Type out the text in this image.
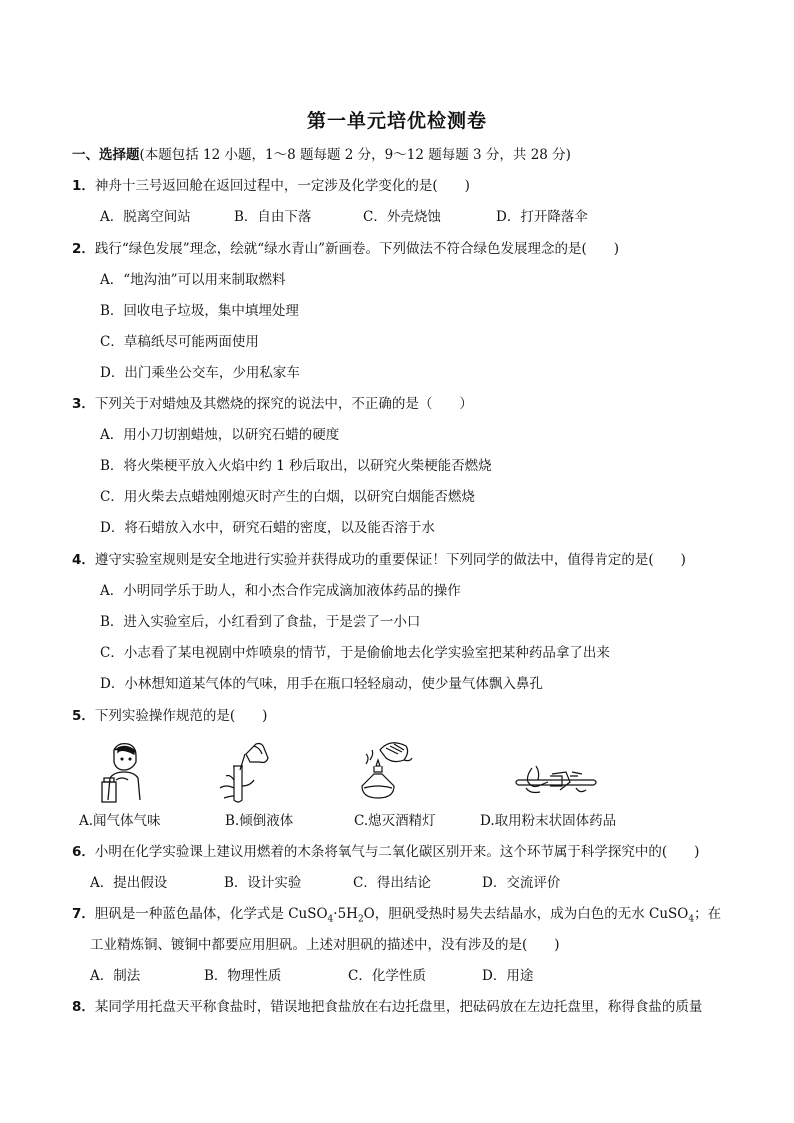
第一单元培优检测卷
一、选择题(本题包括 12 小题，1～8 题每题 2 分，9～12 题每题 3 分，共 28 分)
1．神舟十三号返回舱在返回过程中，一定涉及化学变化的是(　　)
A．脱离空间站	B．自由下落	C．外壳烧蚀	D．打开降落伞
2．践行“绿色发展”理念，绘就“绿水青山”新画卷。下列做法不符合绿色发展理念的是(　　)
A．“地沟油”可以用来制取燃料
B．回收电子垃圾，集中填埋处理
C．草稿纸尽可能两面使用
D．出门乘坐公交车，少用私家车
3．下列关于对蜡烛及其燃烧的探究的说法中，不正确的是（　　）
A．用小刀切割蜡烛，以研究石蜡的硬度
B．将火柴梗平放入火焰中约 1 秒后取出，以研究火柴梗能否燃烧
C．用火柴去点蜡烛刚熄灭时产生的白烟，以研究白烟能否燃烧
D．将石蜡放入水中，研究石蜡的密度，以及能否溶于水
4．遵守实验室规则是安全地进行实验并获得成功的重要保证！下列同学的做法中，值得肯定的是(　　)
A．小明同学乐于助人，和小杰合作完成滴加液体药品的操作
B．进入实验室后，小红看到了食盐，于是尝了一小口
C．小志看了某电视剧中炸喷泉的情节，于是偷偷地去化学实验室把某种药品拿了出来
D．小林想知道某气体的气味，用手在瓶口轻轻扇动，使少量气体飘入鼻孔
5．下列实验操作规范的是(　　)
A.闻气体气味	B.倾倒液体	C.熄灭酒精灯	D.取用粉末状固体药品
6．小明在化学实验课上建议用燃着的木条将氧气与二氧化碳区别开来。这个环节属于科学探究中的(　　)
A．提出假设	B．设计实验	C．得出结论	D．交流评价
7．胆矾是一种蓝色晶体，化学式是 $CuSO_4\cdot 5H_2O$，胆矾受热时易失去结晶水，成为白色的无水 CuSO$_4$；在
工业精炼铜、镀铜中都要应用胆矾。上述对胆矾的描述中，没有涉及的是(　　)
A．制法	B．物理性质	C．化学性质	D．用途
8．某同学用托盘天平称食盐时，错误地把食盐放在右边托盘里，把砝码放在左边托盘里，称得食盐的质量
